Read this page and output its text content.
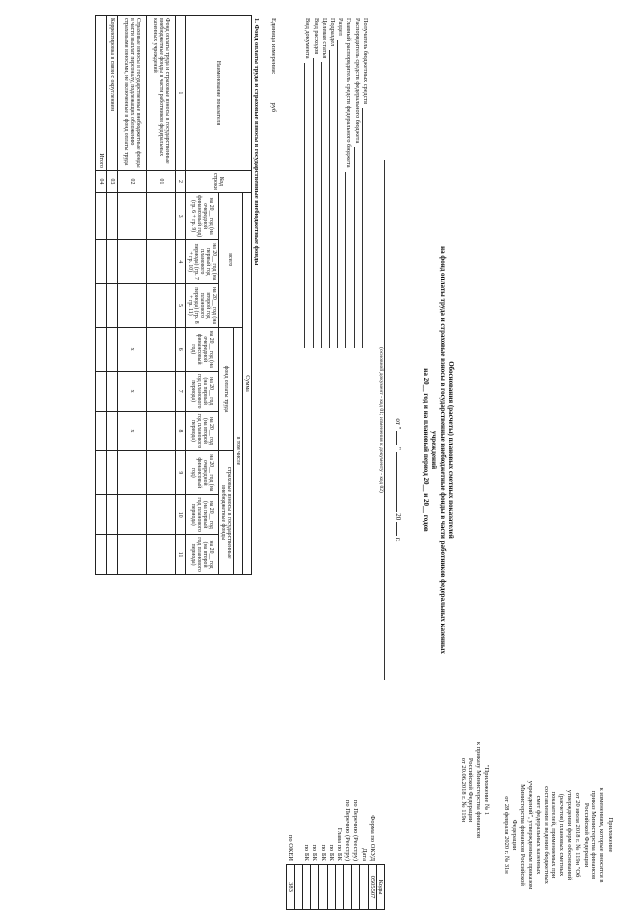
Приложение
к изменениям, которые вносятся в приказ Министерства финансов Российской Федерации
от 20 июля 2018 г. № 119н "Об утверждении форм обоснований (расчетов) плановых сметных показателей, применяемых при составлении и ведении бюджетных смет федеральных казенных учреждений", утвержденным приказом Министерства финансов Российской Федерации
от 28 февраля 2020 г. № 31н
"Приложение № 1
к приказу Министерства финансов Российской Федерации
от 20.06.2018 г. № 119н
Обоснования (расчеты) плановых сметных показателей
на фонд оплаты труда и страховые взносы в государственные внебюджетные фонды в части работников федеральных казенных учреждений
на 20__ год и на плановый период 20__ и 20__ годов
от "  "  20  г.
(основной документ - код 01; изменения к документу - код 02)
	Коды
Форма по ОКУД	0505507
Дата	
по Перечню (Реестру)	
по Перечню (Реестру)	
Глава по БК	
по БК	
по БК	
по БК	
по БК	

по ОКЕИ	383
Получатель бюджетных средств
Распорядитель средств федерального бюджета
Главный распорядитель средств федерального бюджета
Раздел
Подраздел
Целевая статья
Вид расходов
Вид документа
Единица измерения:руб
1. Фонд оплаты труда и страховые взносы в государственные внебюджетные фонды
Наименование показателя	Код строки	Сумма								
		всего			в том числе					
					фонд оплаты труда			страховые взносы в государственные внебюджетные фонды		
		на 20__ год (на очередной финансовый год) (гр. 6 + гр. 9)	на 20__ год (на первый год планового периода) (гр. 7 + гр. 10)	на 20__ год (на второй год планового периода) (гр. 8 + гр. 11)	на 20__ год (на очередной финансовый год)	на 20__ год (на первый год планового периода)	на 20__ год (на второй год планового периода)	на 20__ год (на очередной финансовый год)	на 20__ год (на первый год планового периода)	на 20__ год (на второй год планового периода)
1	2	3	4	5	6	7	8	9	10	11
Фонд оплаты труда и страховые взносы в государственные внебюджетные фонды в части работников федеральных казенных учреждений	01									
Страховые взносы в государственные внебюджетные фонды в части выплат персоналу, подлежащих обложению страховыми взносами, не включенные в фонд оплаты труда	02				x	x	x			
Корректировка в связи с округлением	03									
Итого	04									
